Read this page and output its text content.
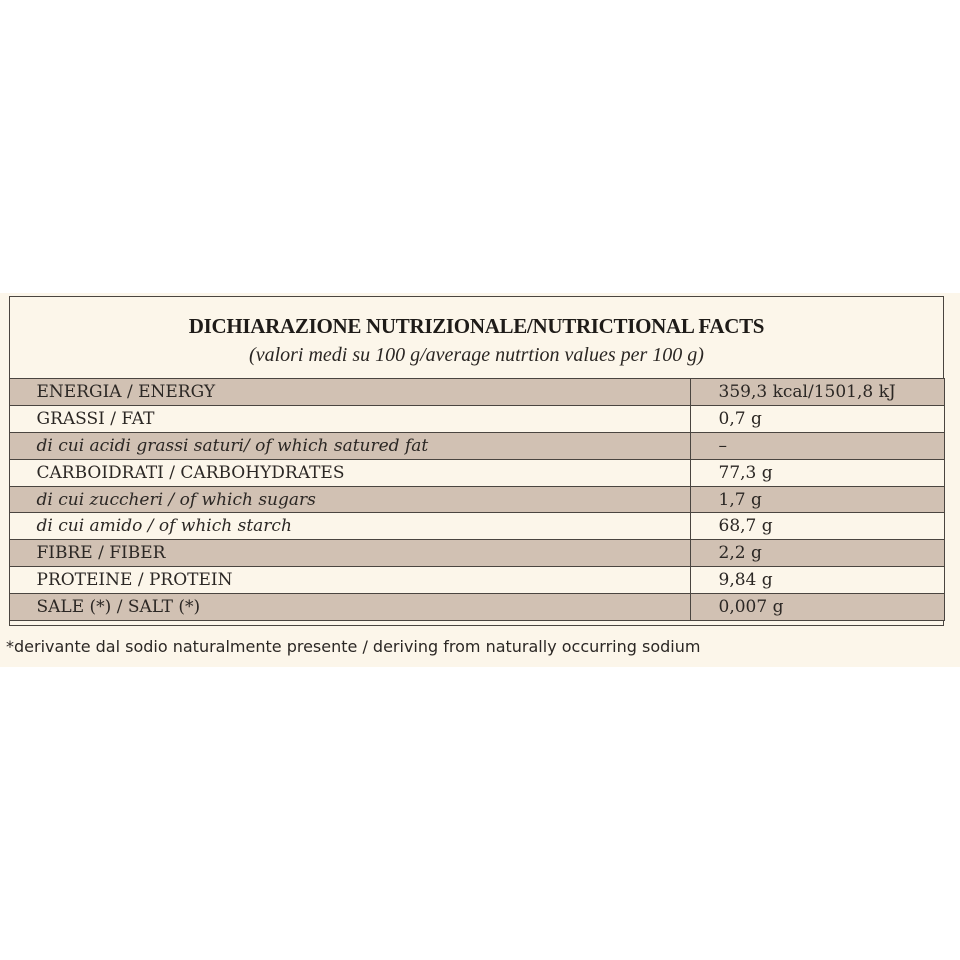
DICHIARAZIONE NUTRIZIONALE/NUTRICTIONAL FACTS
(valori medi su 100 g/average nutrtion values per 100 g)
ENERGIA / ENERGY	359,3 kcal/1501,8 kJ
GRASSI / FAT	0,7 g
di cui acidi grassi saturi/ of which satured fat	–
CARBOIDRATI / CARBOHYDRATES	77,3 g
di cui zuccheri / of which sugars	1,7 g
di cui amido / of which starch	68,7 g
FIBRE / FIBER	2,2 g
PROTEINE / PROTEIN	9,84 g
SALE (*) / SALT (*)	0,007 g
*derivante dal sodio naturalmente presente / deriving from naturally occurring sodium
